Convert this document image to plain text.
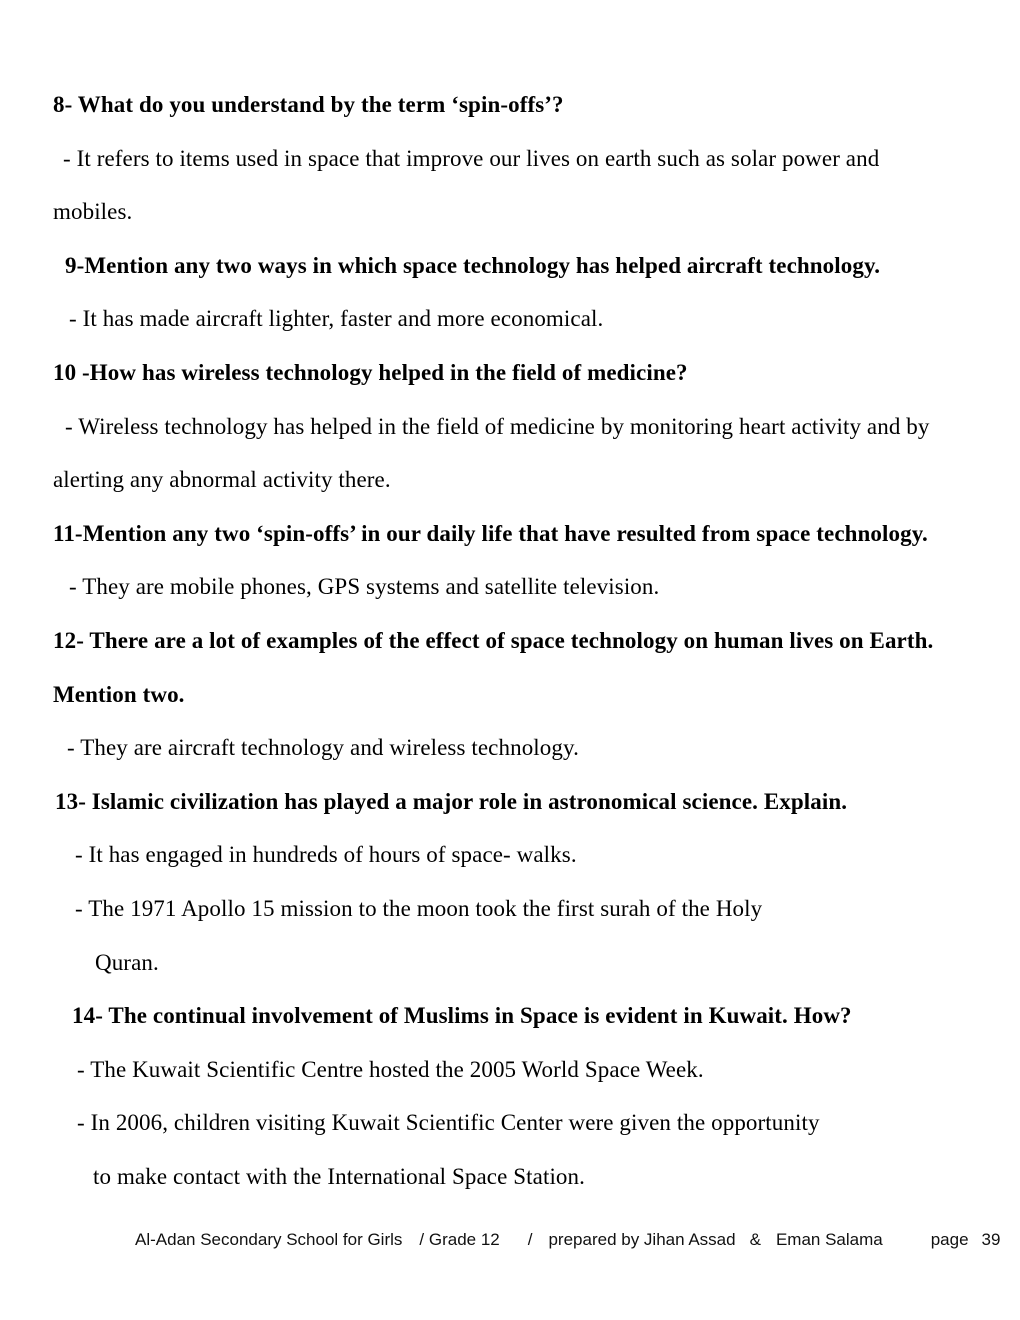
8- What do you understand by the term ‘spin-offs’?

- It refers to items used in space that improve our lives on earth such as solar power and

mobiles.

9-Mention any two ways in which space technology has helped aircraft technology.

- It has made aircraft lighter, faster and more economical.

10 -How has wireless technology helped in the field of medicine?

- Wireless technology has helped in the field of medicine by monitoring heart activity and by

alerting any abnormal activity there.

11-Mention any two ‘spin-offs’ in our daily life that have resulted from space technology.

- They are mobile phones, GPS systems and satellite television.

12- There are a lot of examples of the effect of space technology on human lives on Earth.

Mention two.

- They are aircraft technology and wireless technology.

13- Islamic civilization has played a major role in astronomical science. Explain.

- It has engaged in hundreds of hours of space- walks.

- The 1971 Apollo 15 mission to the moon took the first surah of the Holy

Quran.

14- The continual involvement of Muslims in Space is evident in Kuwait. How?

- The Kuwait Scientific Centre hosted the 2005 World Space Week.

- In 2006, children visiting Kuwait Scientific Center were given the opportunity

to make contact with the International Space Station.

Al-Adan Secondary School for Girls / Grade 12 / prepared by Jihan Assad & Eman Salama	page 39
